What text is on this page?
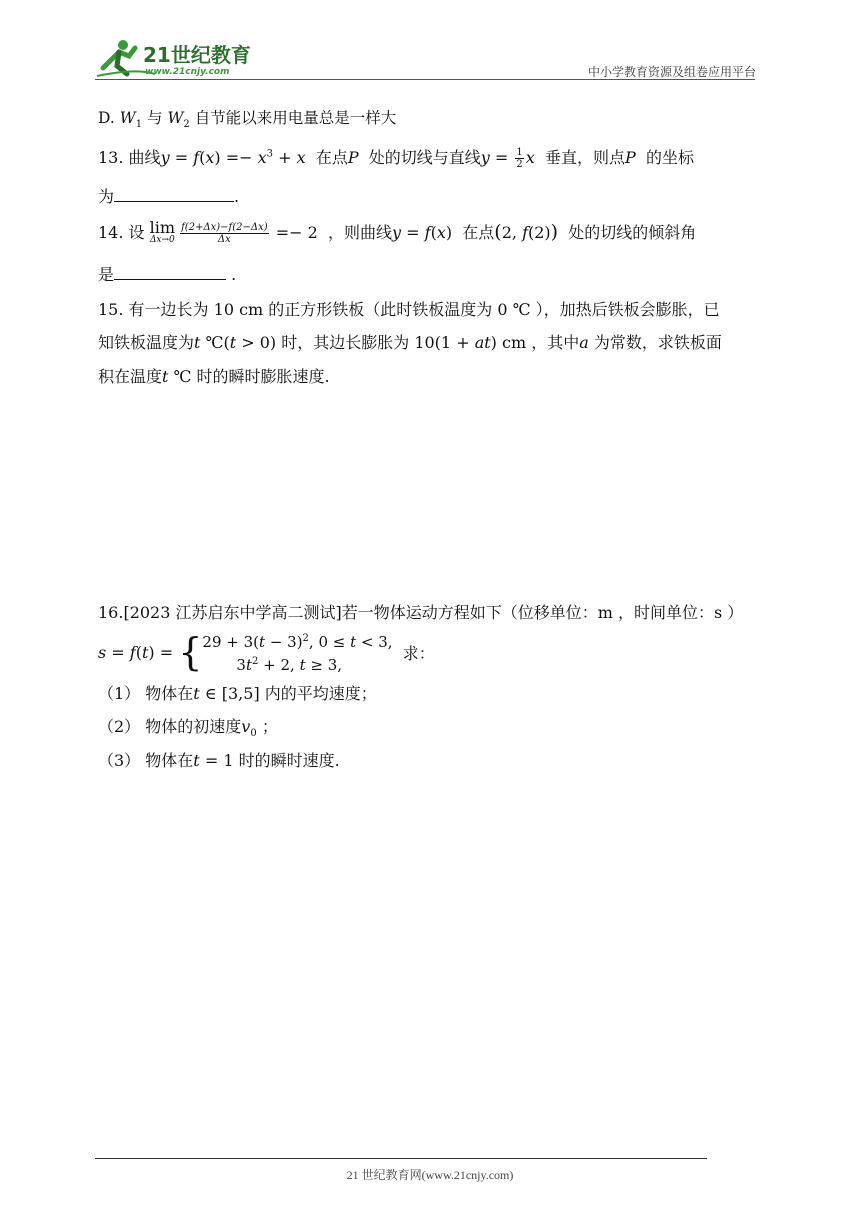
21世纪教育
www.21cnjy.com	中小学教育资源及组卷应用平台
D. $W_1$ 与 $W_2$ 自节能以来用电量总是一样大
13. 曲线$y = f(x) =- x^3 + x$ 在点P 处的切线与直线$y = \frac{1}{2}$ x 垂直，则点P 的坐标
为	.
14. 设 lim
$\Delta x\to 0 \frac{f(2+\Delta x)-f(2-\Delta x)}{\Delta x} =- 2$  ，则曲线y = f(x)  在点(2, f(2)) 处的切线的倾斜角
是	.
15. 有一边长为 10 cm 的正方形铁板（此时铁板温度为 0 ℃ ），加热后铁板会膨胀，已
知铁板温度为t ℃(t > 0) 时，其边长膨胀为 10(1 + at) cm ，其中a 为常数，求铁板面
积在温度t ℃ 时的瞬时膨胀速度.
16.[2023 江苏启东中学高二测试]若一物体运动方程如下（位移单位：m ，时间单位：s ）
s = f ( t ) = { $29 + 3(t - 3)^2$, 0 ≤ t < 3,
$3t^2 + 2$, t ≥ 3,

求：
（1） 物体在t ∈ [3,5] 内的平均速度；
（2） 物体的初速度$v_0$ ；
（3） 物体在t = 1 时的瞬时速度.
21 世纪教育网(www.21cnjy.com)
